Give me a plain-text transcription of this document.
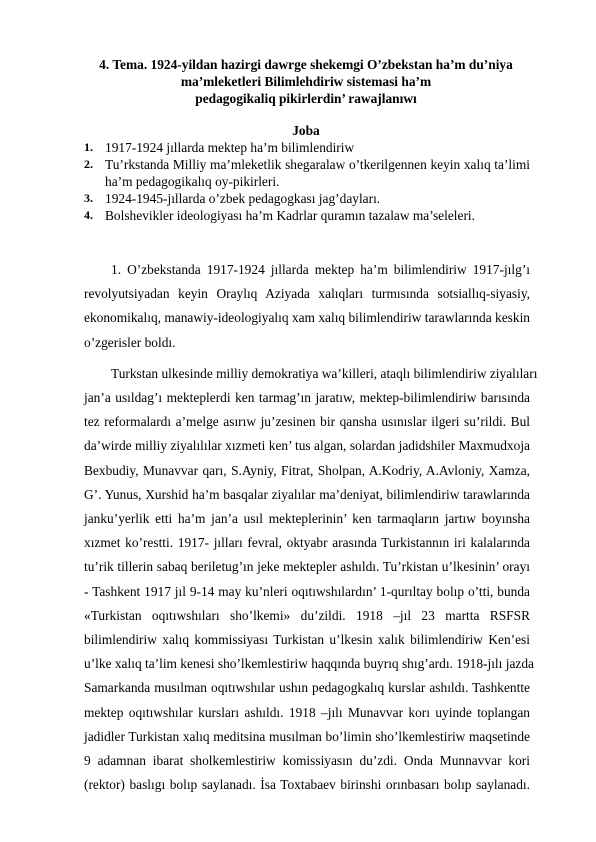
4. Tema. 1924-yildan hazirgi dawrge shekemgi O’zbekstan ha’m du’niya
ma’mleketleri Bilimlehdiriw sistemasi ha’m
pedagogikaliq pikirlerdin’ rawajlanıwı
Joba
1. 1917-1924 jıllarda mektep ha’m bilimlendiriw
2. Tu’rkstanda Milliy ma’mleketlik shegaralaw o’tkerilgennen keyin xalıq ta’limi ha’m pedagogikalıq oy-pikirleri.
3. 1924-1945-jıllarda o’zbek pedagogkası jag’dayları.
4. Bolshevikler ideologiyası ha’m Kadrlar quramın tazalaw ma’seleleri.

1. O’zbekstanda 1917-1924 jıllarda mektep ha’m bilimlendiriw 1917-jılg’ı
revolyutsiyadan keyin Oraylıq Aziyada xalıqları turmısında sotsiallıq-siyasiy,
ekonomikalıq, manawiy-ideologiyalıq xam xalıq bilimlendiriw tarawlarında keskin
o’zgerisler boldı.

Turkstan ulkesinde milliy demokratiya wa’killeri, ataqlı bilimlendiriw ziyalıları
jan’a usıldag’ı mekteplerdi ken tarmag’ın jaratıw, mektep-bilimlendiriw barısında
tez reformalardı a’melge asırıw ju’zesinen bir qansha usınıslar ilgeri su’rildi. Bul
da’wirde milliy ziyalılılar xızmeti ken’ tus algan, solardan jadidshiler Maxmudxoja
Bexbudiy, Munavvar qarı, S.Ayniy, Fitrat, Sholpan, A.Kodriy, A.Avloniy, Xamza,
G’. Yunus, Xurshid ha’m basqalar ziyalılar ma’deniyat, bilimlendiriw tarawlarında
janku’yerlik etti ha’m jan’a usıl mekteplerinin’ ken tarmaqların jartıw boyınsha
xızmet ko’restti. 1917- jılları fevral, oktyabr arasında Turkistannın iri kalalarında
tu’rik tillerin sabaq beriletug’ın jeke mektepler ashıldı. Tu’rkistan u’lkesinin’ orayı
- Tashkent 1917 jıl 9-14 may ku’nleri oqıtıwshılardın’ 1-qurıltay bolıp o’tti, bunda
«Turkistan oqıtıwshıları sho’lkemi» du’zildi. 1918 –jıl 23 martta RSFSR
bilimlendiriw xalıq kommissiyası Turkistan u’lkesin xalık bilimlendiriw Ken’esi
u’lke xalıq ta’lim kenesi sho’lkemlestiriw haqqında buyrıq shıg’ardı. 1918-jılı jazda
Samarkanda musılman oqıtıwshılar ushın pedagogkalıq kurslar ashıldı. Tashkentte
mektep oqıtıwshılar kursları ashıldı. 1918 –jılı Munavvar korı uyinde toplangan
jadidler Turkistan xalıq meditsina musılman bo’limin sho’lkemlestiriw maqsetinde
9 adamnan ibarat sholkemlestiriw komissiyasın du’zdi. Onda Munnavvar kori
(rektor) baslıgı bolıp saylanadı. İsa Toxtabaev birinshi orınbasarı bolıp saylanadı.
